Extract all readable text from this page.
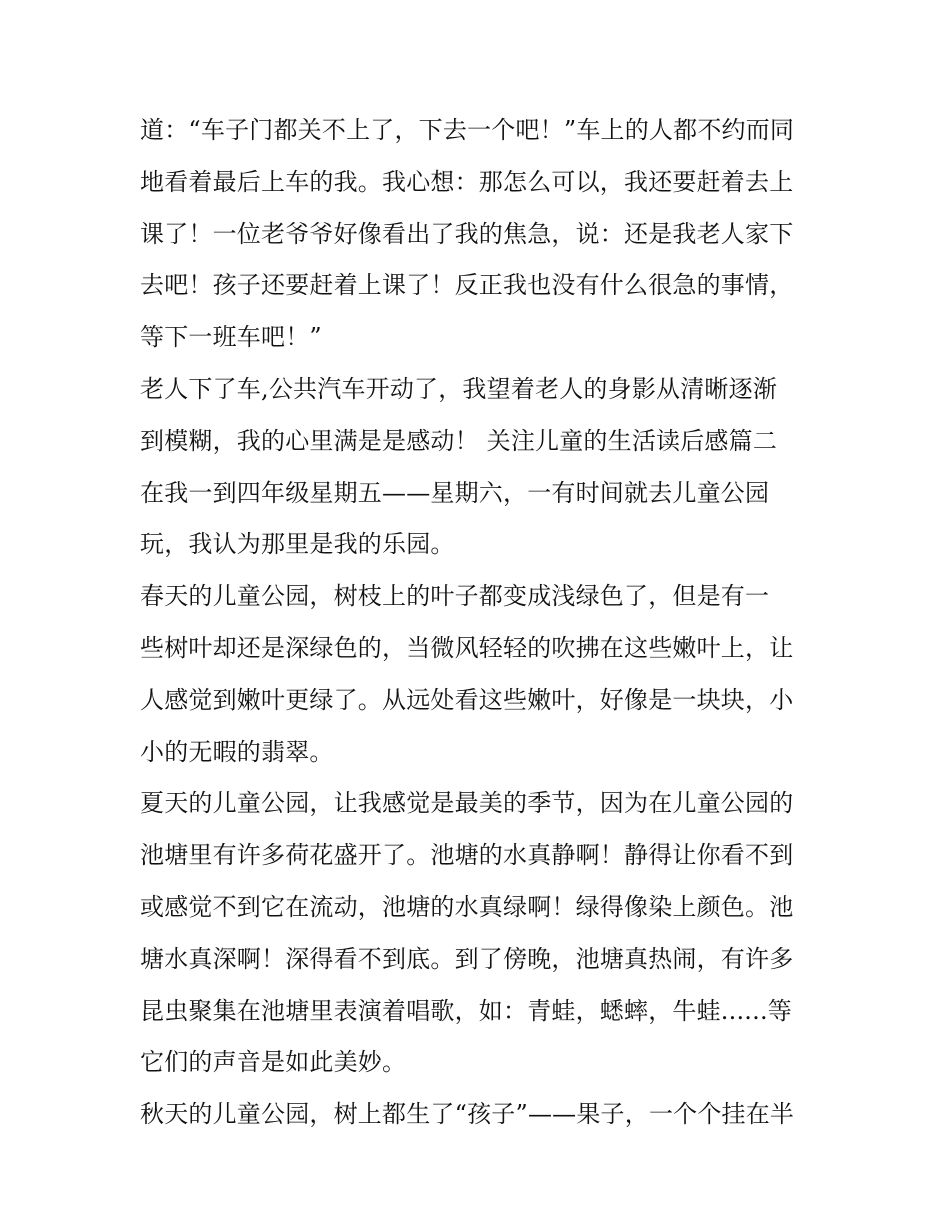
道：“车子门都关不上了，下去一个吧！”车上的人都不约而同
地看着最后上车的我。我心想：那怎么可以，我还要赶着去上
课了！一位老爷爷好像看出了我的焦急，说：还是我老人家下
去吧！孩子还要赶着上课了！反正我也没有什么很急的事情，
等下一班车吧！”
老人下了车,公共汽车开动了，我望着老人的身影从清晰逐渐
到模糊，我的心里满是是感动！ 关注儿童的生活读后感篇二
在我一到四年级星期五——星期六，一有时间就去儿童公园
玩，我认为那里是我的乐园。
春天的儿童公园，树枝上的叶子都变成浅绿色了，但是有一
些树叶却还是深绿色的，当微风轻轻的吹拂在这些嫩叶上，让
人感觉到嫩叶更绿了。从远处看这些嫩叶，好像是一块块，小
小的无暇的翡翠。
夏天的儿童公园，让我感觉是最美的季节，因为在儿童公园的
池塘里有许多荷花盛开了。池塘的水真静啊！静得让你看不到
或感觉不到它在流动，池塘的水真绿啊！绿得像染上颜色。池
塘水真深啊！深得看不到底。到了傍晚，池塘真热闹，有许多
昆虫聚集在池塘里表演着唱歌，如：青蛙，蟋蟀，牛蛙......等
它们的声音是如此美妙。
秋天的儿童公园，树上都生了“孩子”——果子，一个个挂在半
